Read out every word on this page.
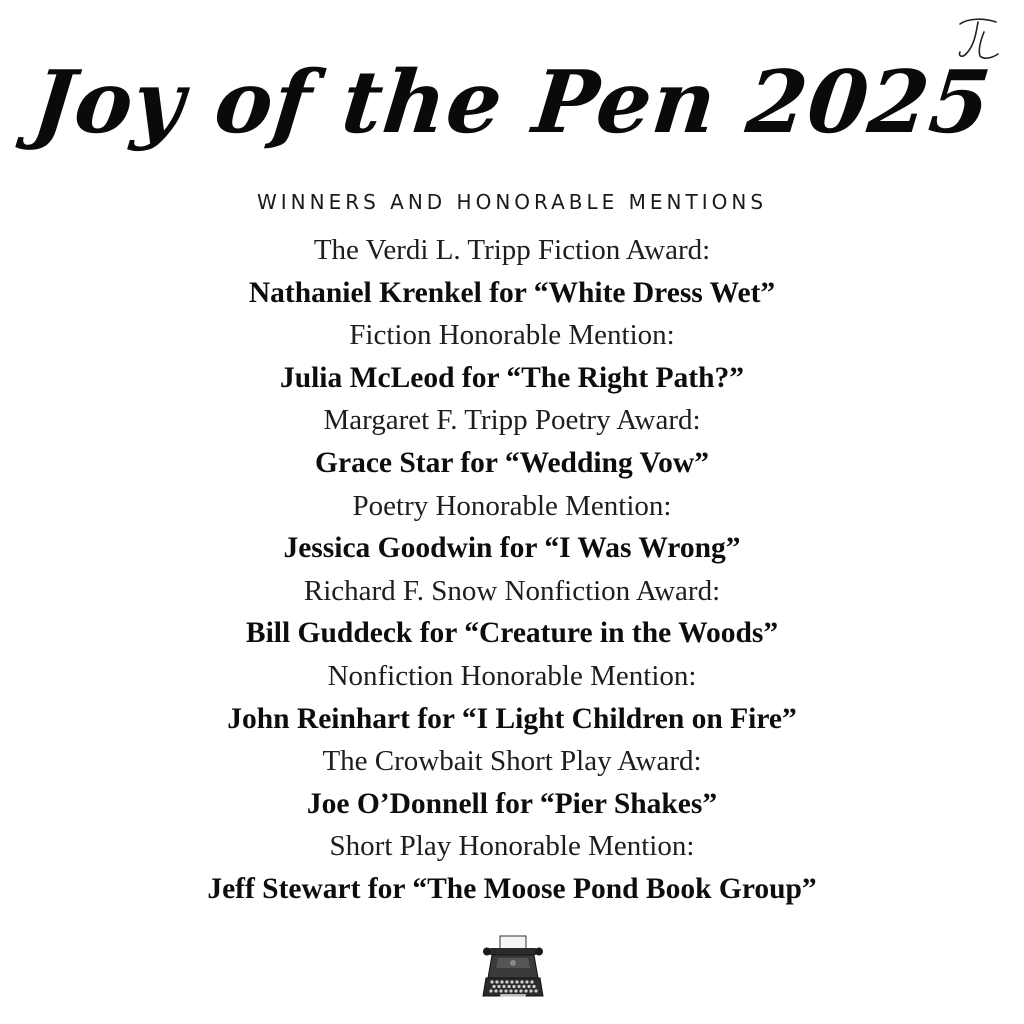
Joy of the Pen 2025
WINNERS AND HONORABLE MENTIONS
The Verdi L. Tripp Fiction Award:
Nathaniel Krenkel for “White Dress Wet”
Fiction Honorable Mention:
Julia McLeod for “The Right Path?”
Margaret F. Tripp Poetry Award:
Grace Star for “Wedding Vow”
Poetry Honorable Mention:
Jessica Goodwin for “I Was Wrong”
Richard F. Snow Nonfiction Award:
Bill Guddeck for “Creature in the Woods”
Nonfiction Honorable Mention:
John Reinhart for “I Light Children on Fire”
The Crowbait Short Play Award:
Joe O’Donnell for “Pier Shakes”
Short Play Honorable Mention:
Jeff Stewart for “The Moose Pond Book Group”
